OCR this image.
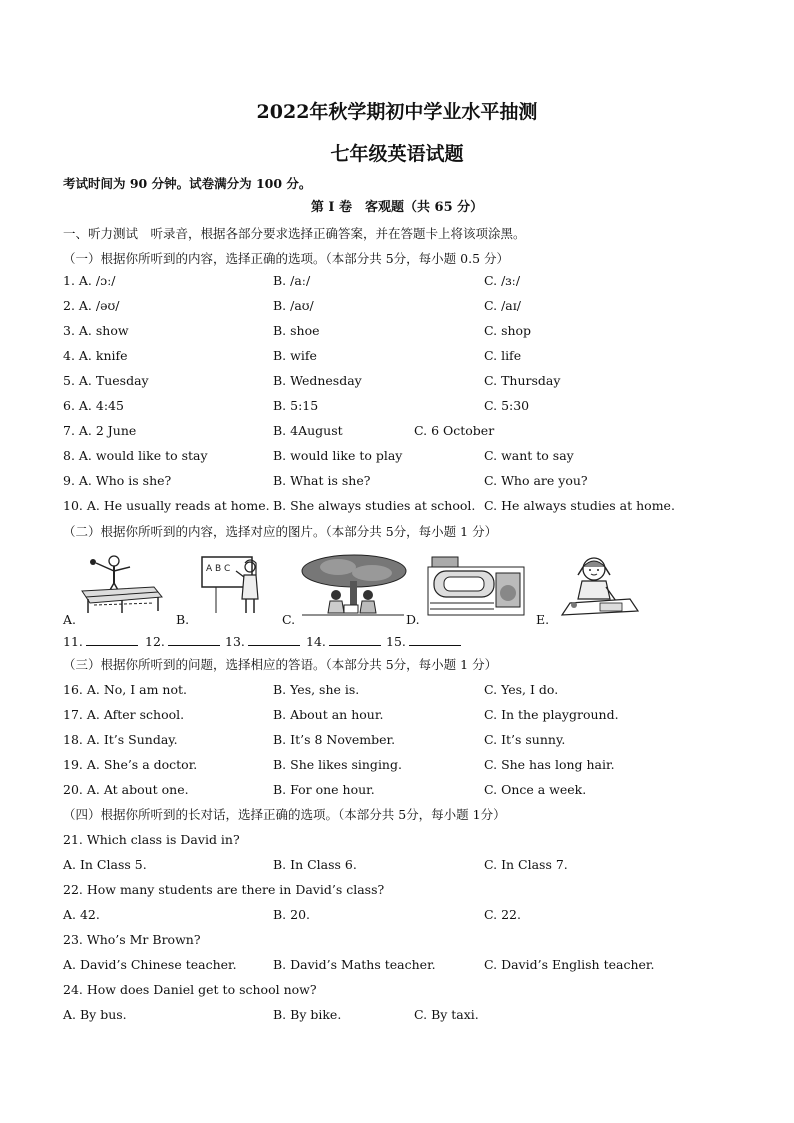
2022年秋学期初中学业水平抽测
七年级英语试题
考试时间为 90 分钟。试卷满分为 100 分。
第 I 卷　客观题（共 65 分）
一、听力测试　听录音，根据各部分要求选择正确答案，并在答题卡上将该项涂黑。
（一）根据你所听到的内容，选择正确的选项。（本部分共 5分，每小题 0.5 分）
1. A. /ɔː/	B. /aː/	C. /ɜː/
2. A. /əʊ/	B. /aʊ/	C. /aɪ/
3. A. show	B. shoe	C. shop
4. A. knife	B. wife	C. life
5. A. Tuesday	B. Wednesday	C. Thursday
6. A. 4:45	B. 5:15	C. 5:30
7. A. 2 June	B. 4August	C. 6 October
8. A. would like to stay	B. would like to play	C. want to say
9. A. Who is she?	B. What is she?	C. Who are you?
10. A. He usually reads at home. B. She always studies at school. C. He always studies at home.
（二）根据你所听到的内容，选择对应的图片。（本部分共 5分，每小题 1 分）
A.
A B C
B.	C.	D.	E.
11.	12.	13.	14.	15.
（三）根据你所听到的问题，选择相应的答语。（本部分共 5分，每小题 1 分）
16. A. No, I am not.	B. Yes, she is.	C. Yes, I do.
17. A. After school.	B. About an hour.	C. In the playground.
18. A. It’s Sunday.	B. It’s 8 November.	C. It’s sunny.
19. A. She’s a doctor.	B. She likes singing.	C. She has long hair.
20. A. At about one.	B. For one hour.	C. Once a week.
（四）根据你所听到的长对话，选择正确的选项。（本部分共 5分，每小题 1分）
21. Which class is David in?
A. In Class 5.	B. In Class 6.	C. In Class 7.
22. How many students are there in David’s class?
A. 42.	B. 20.	C. 22.
23. Who’s Mr Brown?
A. David’s Chinese teacher.	B. David’s Maths teacher.	C. David’s English teacher.
24. How does Daniel get to school now?
A. By bus.	B. By bike.	C. By taxi.
